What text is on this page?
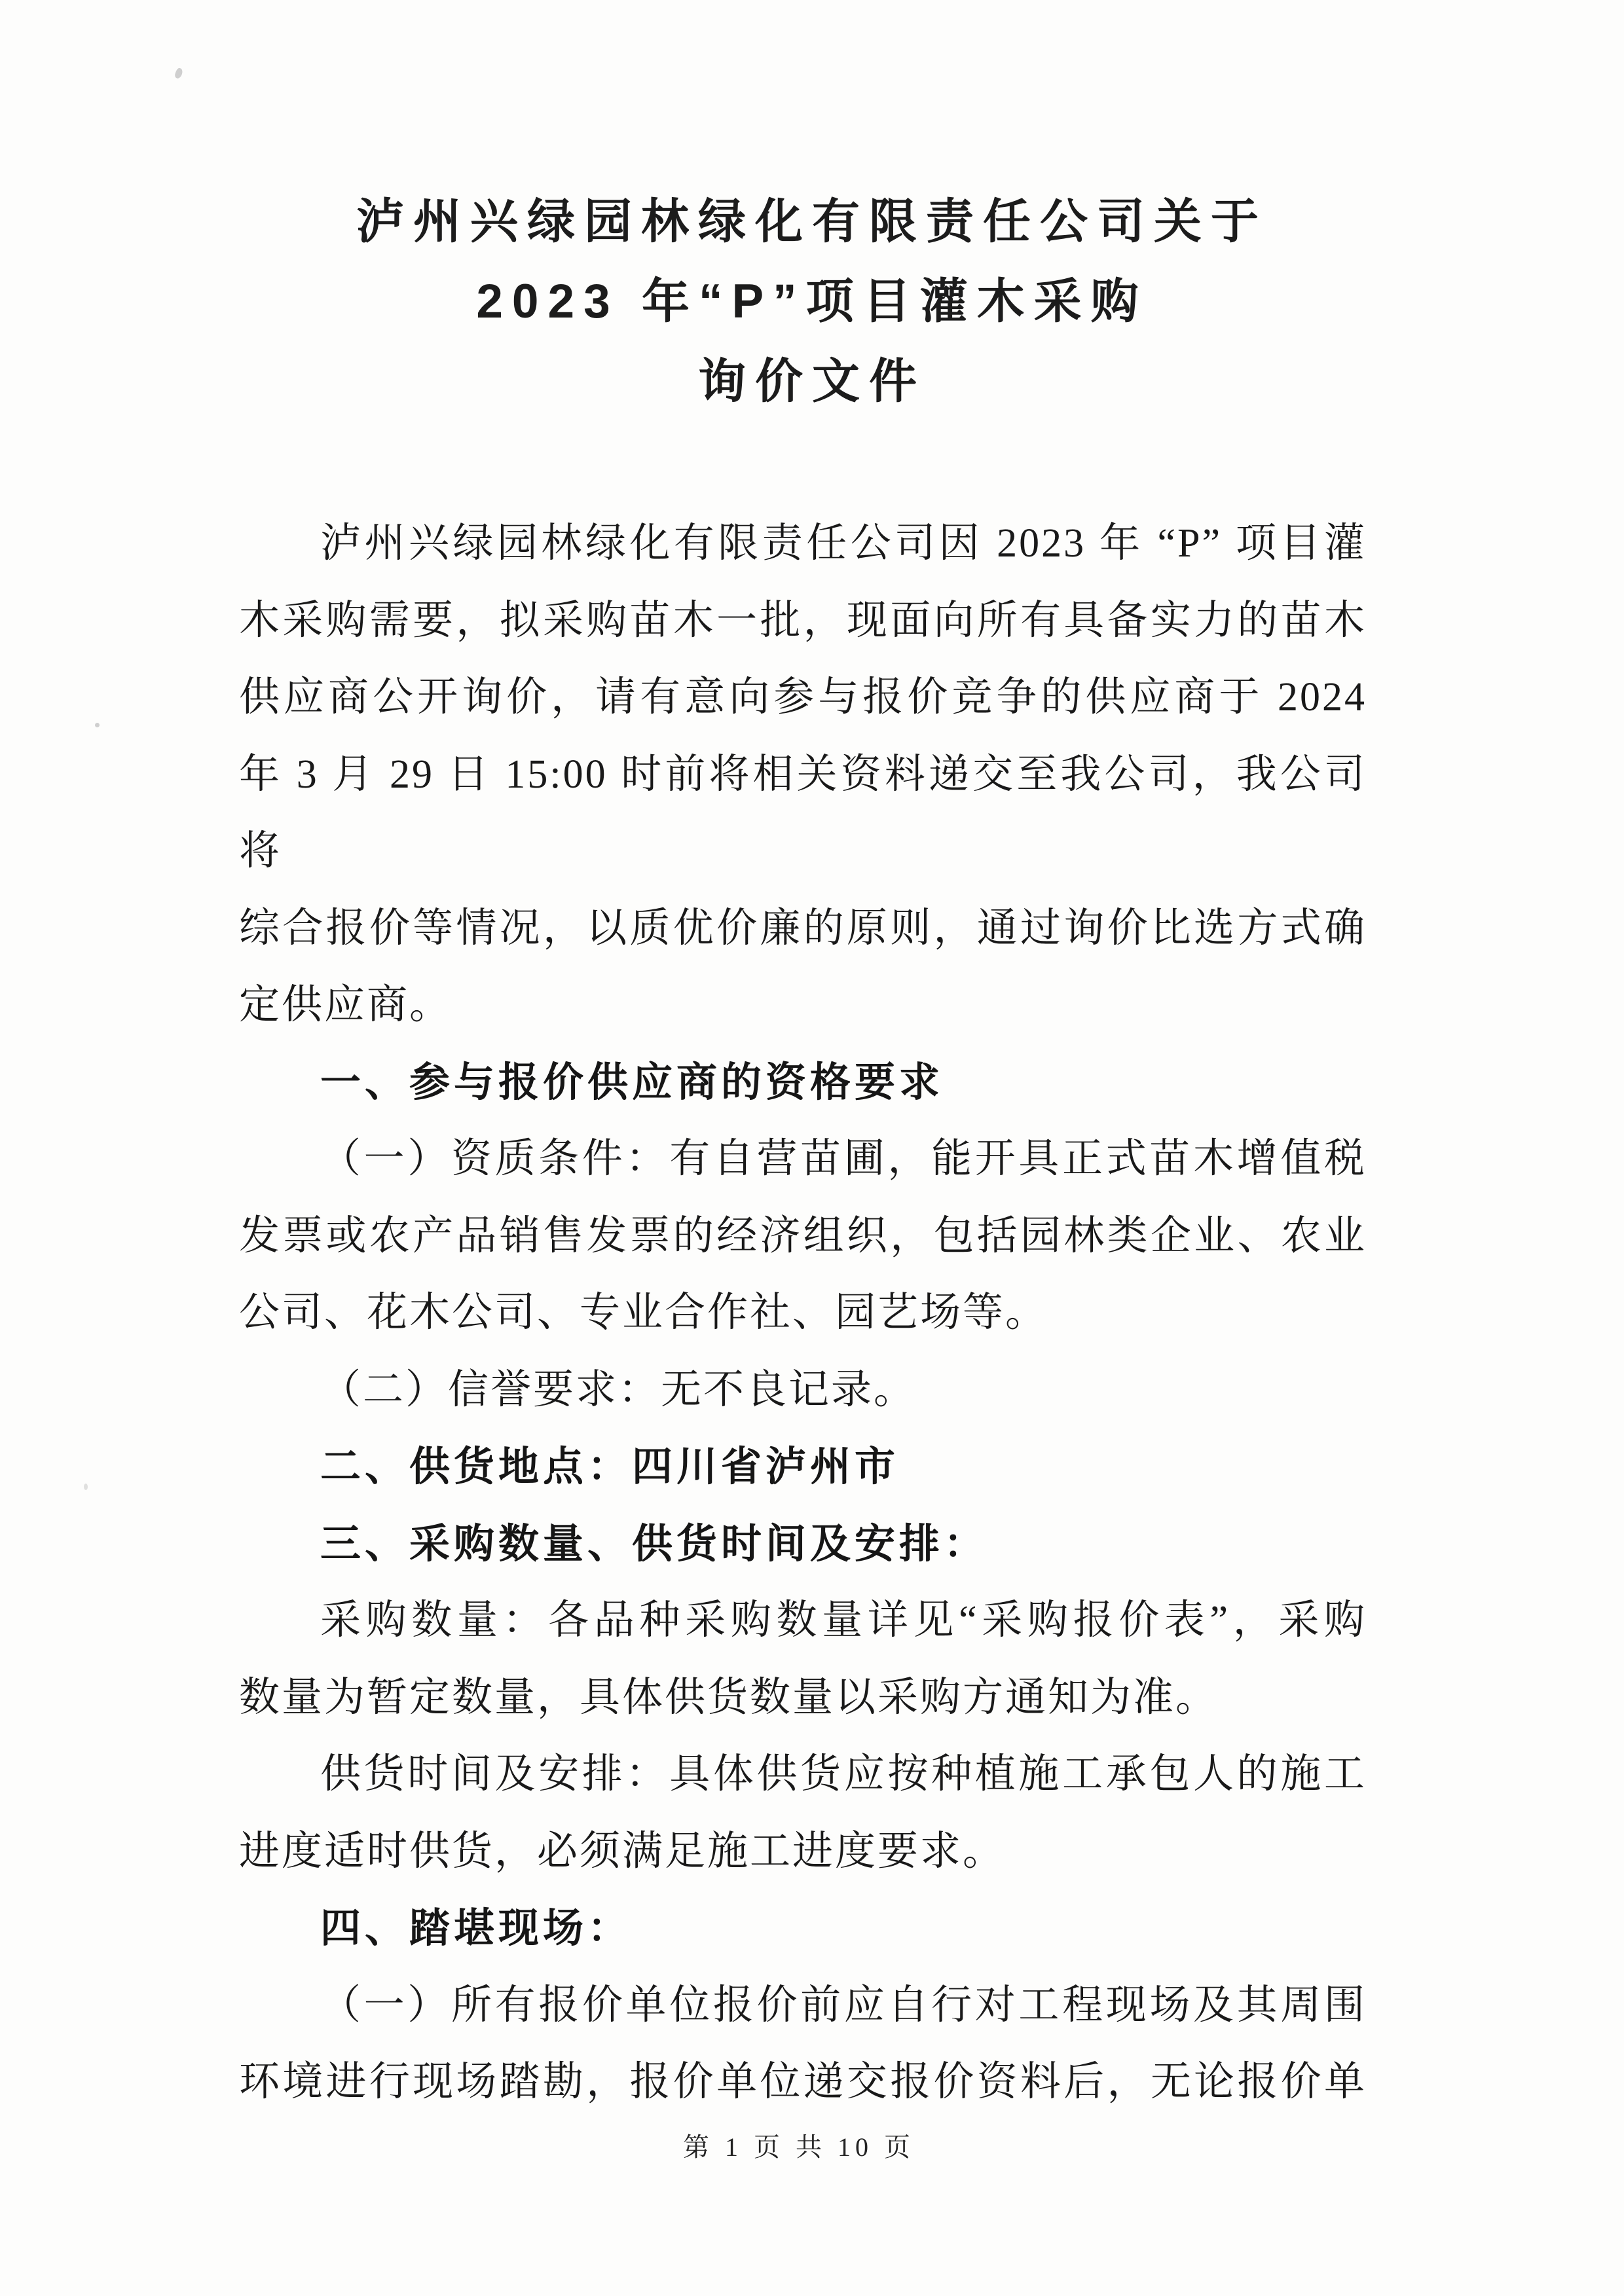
泸州兴绿园林绿化有限责任公司关于
2023 年“P”项目灌木采购
询价文件
泸州兴绿园林绿化有限责任公司因 2023 年 “P” 项目灌
木采购需要，拟采购苗木一批，现面向所有具备实力的苗木
供应商公开询价，请有意向参与报价竞争的供应商于 2024
年 3 月 29 日 15:00 时前将相关资料递交至我公司，我公司将
综合报价等情况，以质优价廉的原则，通过询价比选方式确
定供应商。
一、参与报价供应商的资格要求
（一）资质条件：有自营苗圃，能开具正式苗木增值税
发票或农产品销售发票的经济组织，包括园林类企业、农业
公司、花木公司、专业合作社、园艺场等。
（二）信誉要求：无不良记录。
二、供货地点：四川省泸州市
三、采购数量、供货时间及安排：
采购数量：各品种采购数量详见“采购报价表”，采购
数量为暂定数量，具体供货数量以采购方通知为准。
供货时间及安排：具体供货应按种植施工承包人的施工
进度适时供货，必须满足施工进度要求。
四、踏堪现场：
（一）所有报价单位报价前应自行对工程现场及其周围
环境进行现场踏勘，报价单位递交报价资料后，无论报价单
第 1 页 共 10 页
